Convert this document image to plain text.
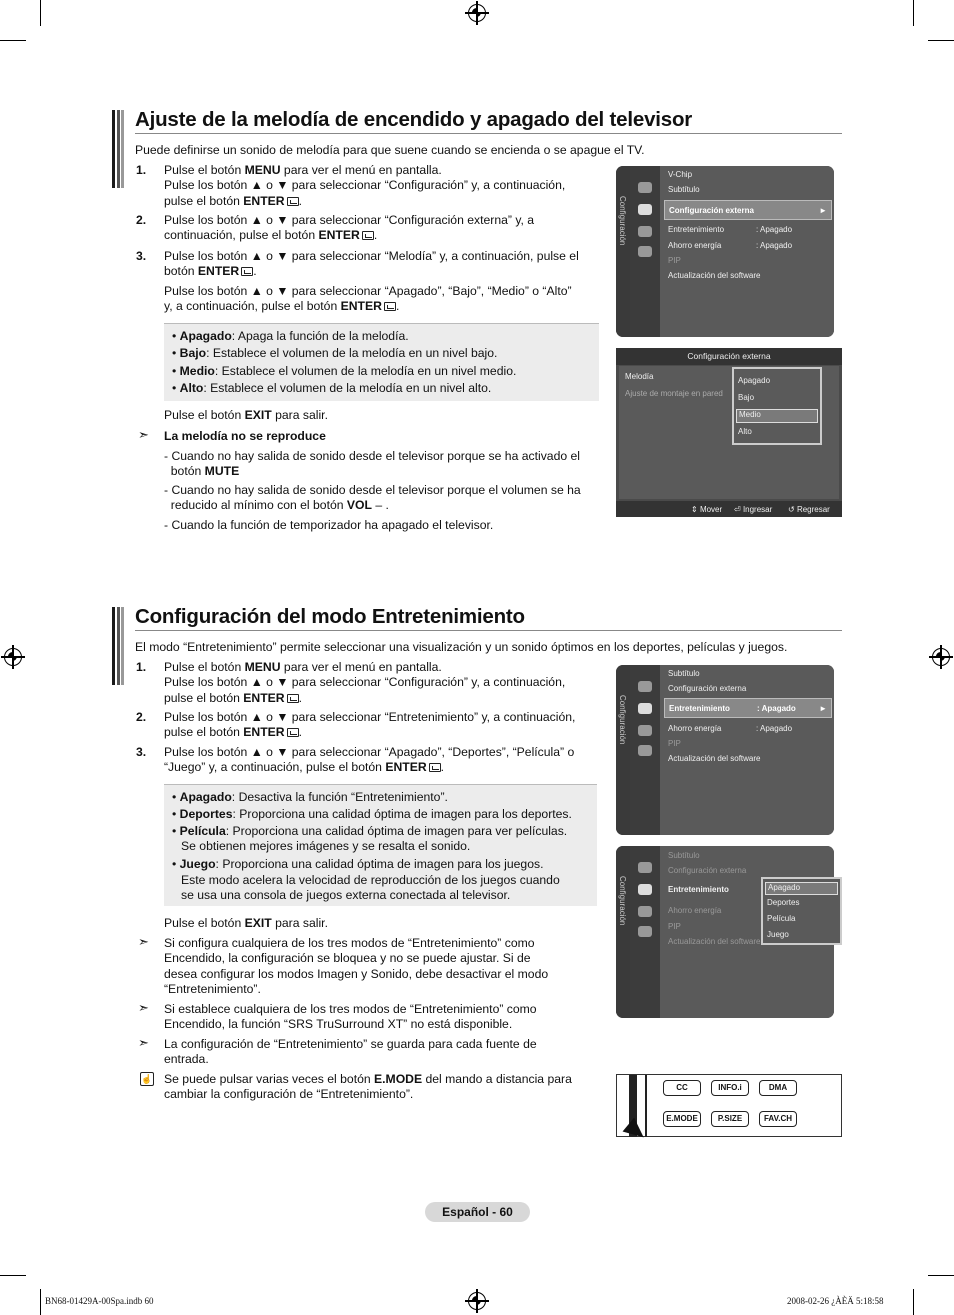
Ajuste de la melodía de encendido y apagado del televisor
Puede definirse un sonido de melodía para que suene cuando se encienda o se apague el TV.
1. Pulse el botón MENU para ver el menú en pantalla.
Pulse los botón ▲ o ▼ para seleccionar “Configuración” y, a continuación,
pulse el botón ENTER .
2. Pulse los botón ▲ o ▼ para seleccionar “Configuración externa” y, a
continuación, pulse el botón ENTER .
3. Pulse los botón ▲ o ▼ para seleccionar “Melodía” y, a continuación, pulse el
botón ENTER .
Pulse los botón ▲ o ▼ para seleccionar “Apagado”, “Bajo”, “Medio” o “Alto”
y, a continuación, pulse el botón ENTER .
• Apagado: Apaga la función de la melodía.
• Bajo: Establece el volumen de la melodía en un nivel bajo.
• Medio: Establece el volumen de la melodía en un nivel medio.
• Alto: Establece el volumen de la melodía en un nivel alto.
Pulse el botón EXIT para salir.
➣ La melodía no se reproduce
- Cuando no hay salida de sonido desde el televisor porque se ha activado el
botón MUTE
- Cuando no hay salida de sonido desde el televisor porque el volumen se ha
reducido al mínimo con el botón VOL – .
- Cuando la función de temporizador ha apagado el televisor.
Configuración
V-Chip
Subtítulo
Configuración externa	►
Entretenimiento	: Apagado
Ahorro energía	: Apagado
PIP
Actualización del software
Configuración externa
Melodía
Ajuste de montaje en pared
Apagado
Bajo
Medio
Alto
⇕ Mover ⏎ Ingresar ↺ Regresar
Configuración del modo Entretenimiento
El modo “Entretenimiento” permite seleccionar una visualización y un sonido óptimos en los deportes, películas y juegos.
1. Pulse el botón MENU para ver el menú en pantalla.
Pulse los botón ▲ o ▼ para seleccionar “Configuración” y, a continuación,
pulse el botón ENTER .
2. Pulse los botón ▲ o ▼ para seleccionar “Entretenimiento” y, a continuación,
pulse el botón ENTER .
3. Pulse los botón ▲ o ▼ para seleccionar “Apagado”, “Deportes”, “Película” o
“Juego” y, a continuación, pulse el botón ENTER .
• Apagado: Desactiva la función “Entretenimiento”.
• Deportes: Proporciona una calidad óptima de imagen para los deportes.
• Película: Proporciona una calidad óptima de imagen para ver películas.
Se obtienen mejores imágenes y se resalta el sonido.
• Juego: Proporciona una calidad óptima de imagen para los juegos.
Este modo acelera la velocidad de reproducción de los juegos cuando
se usa una consola de juegos externa conectada al televisor.
Pulse el botón EXIT para salir.
➣ Si configura cualquiera de los tres modos de “Entretenimiento” como
Encendido, la configuración se bloquea y no se puede ajustar. Si de
desea configurar los modos Imagen y Sonido, debe desactivar el modo
“Entretenimiento”.
➣ Si establece cualquiera de los tres modos de “Entretenimiento” como
Encendido, la función “SRS TruSurround XT” no está disponible.
➣ La configuración de “Entretenimiento” se guarda para cada fuente de
entrada.
☝ Se puede pulsar varias veces el botón E.MODE del mando a distancia para
cambiar la configuración de “Entretenimiento”.
Configuración
Subtítulo
Configuración externa
Entretenimiento	: Apagado	►
Ahorro energía	: Apagado
PIP
Actualización del software
Configuración
Subtítulo
Configuración externa
Entretenimiento
Ahorro energía
PIP
Actualización del software
Apagado
Deportes
Película
Juego
CC	INFO.i	DMA
E.MODE	P.SIZE	FAV.CH
Español - 60
BN68-01429A-00Spa.indb 60	2008-02-26 ¿ÀÈÄ 5:18:58
